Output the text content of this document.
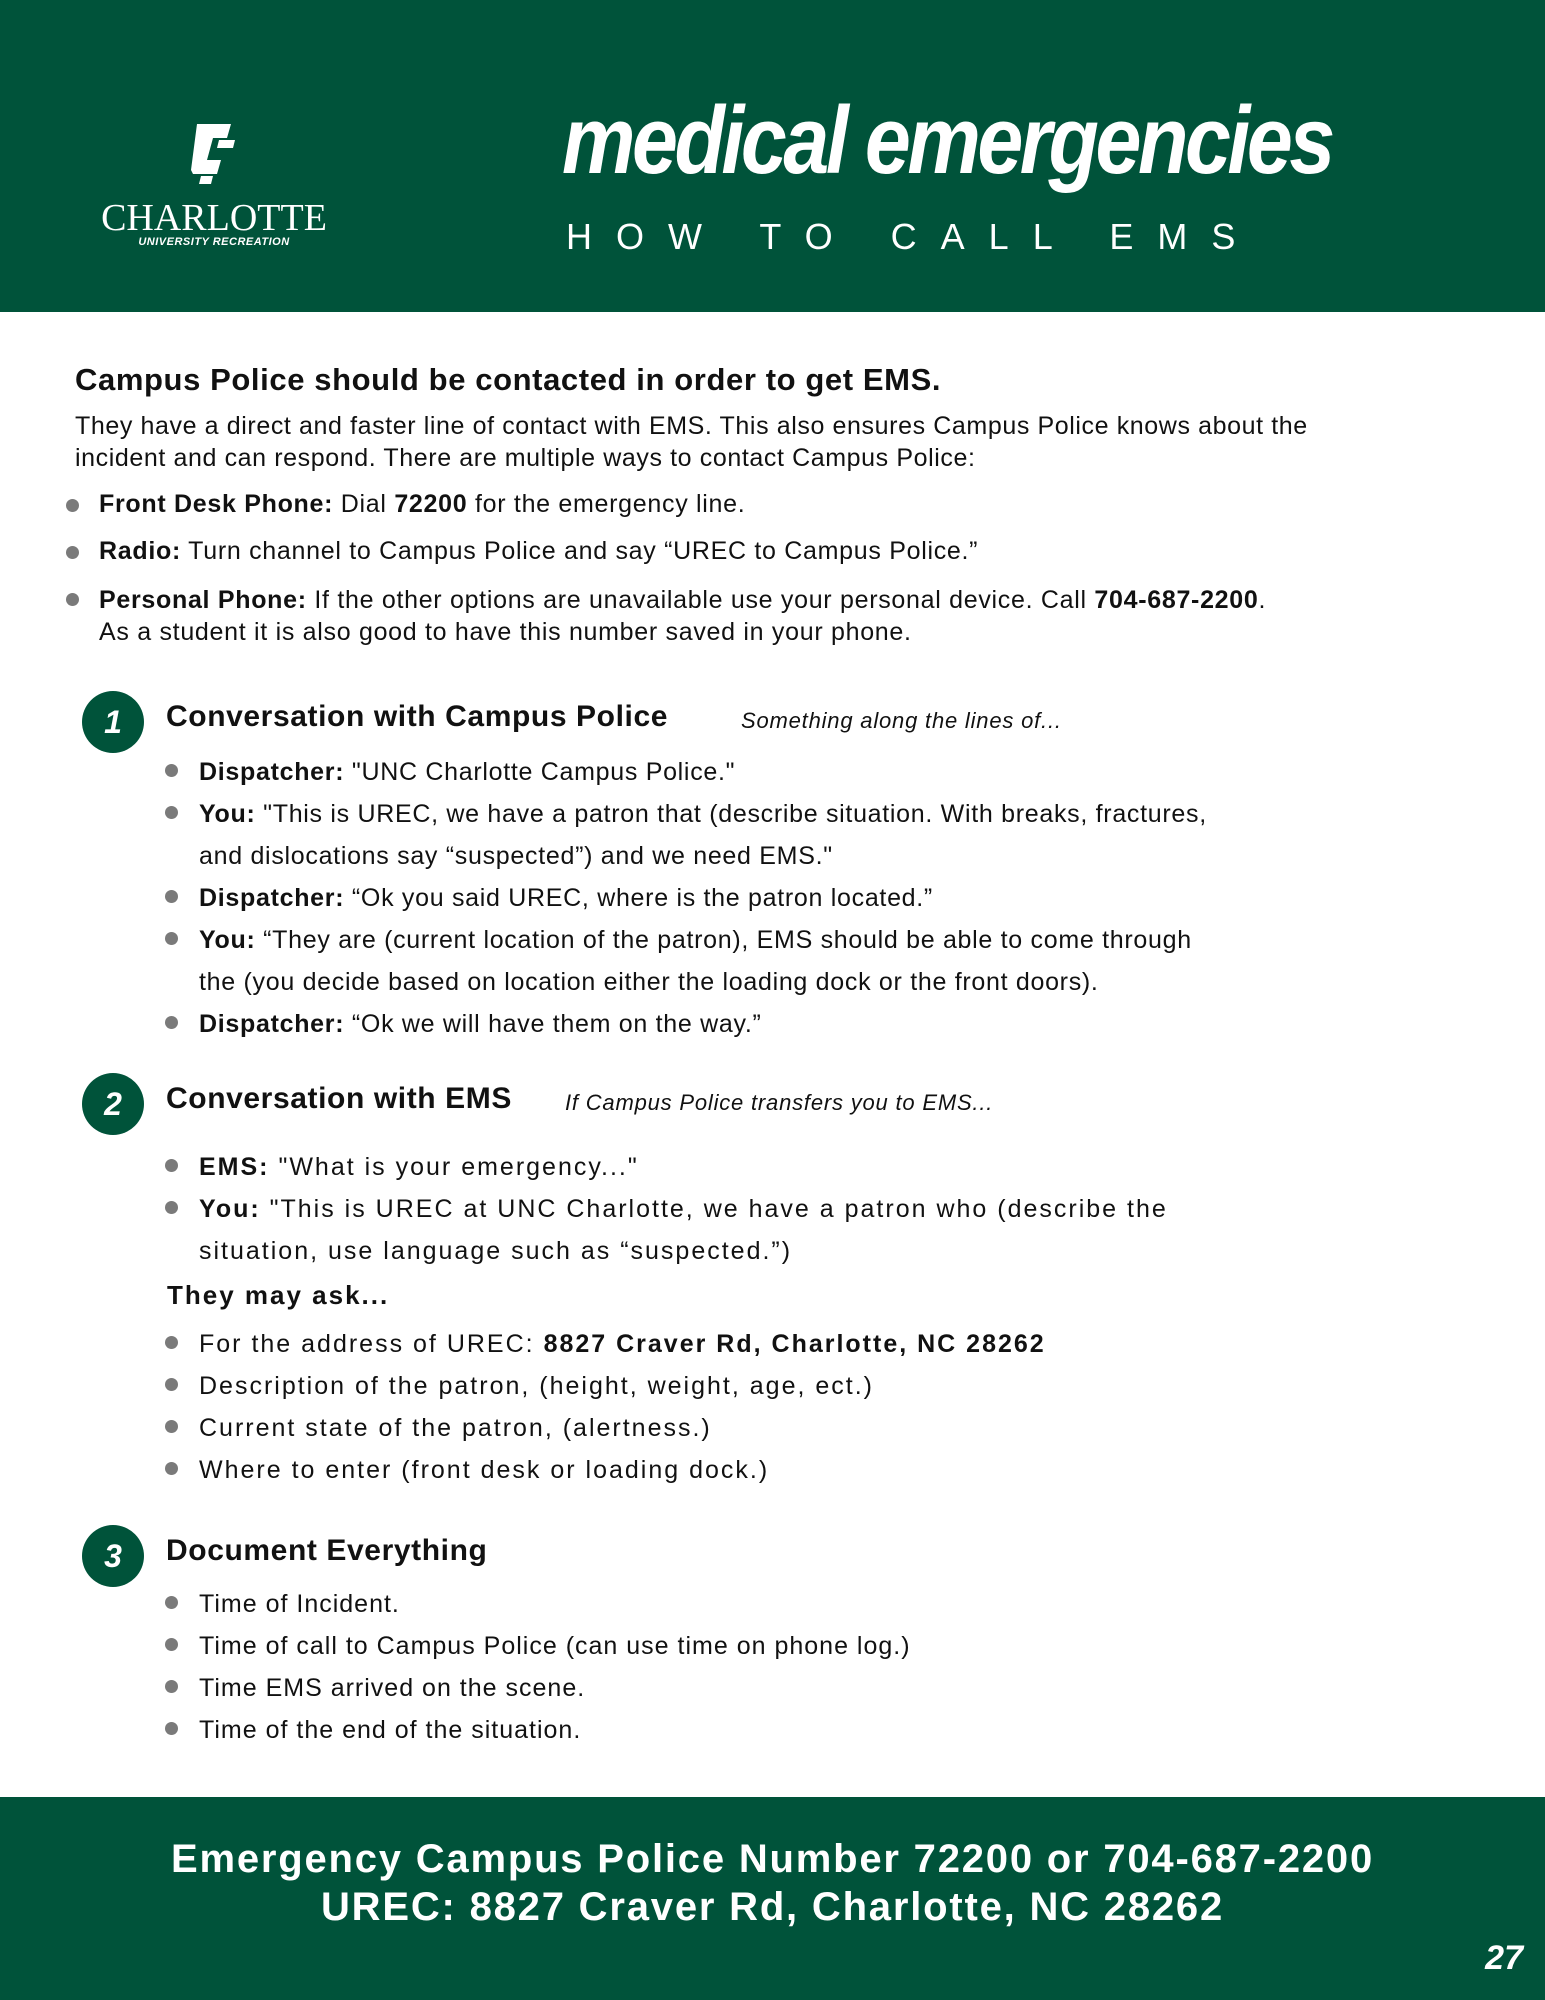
CHARLOTTE
UNIVERSITY RECREATION
medical emergencies
HOW TO CALL EMS
Campus Police should be contacted in order to get EMS.
They have a direct and faster line of contact with EMS. This also ensures Campus Police knows about the incident and can respond. There are multiple ways to contact Campus Police:
Front Desk Phone: Dial 72200 for the emergency line.
Radio: Turn channel to Campus Police and say “UREC to Campus Police.”
Personal Phone: If the other options are unavailable use your personal device. Call 704-687-2200.
As a student it is also good to have this number saved in your phone.
1	Conversation with Campus Police	Something along the lines of...
Dispatcher: "UNC Charlotte Campus Police."
You: "This is UREC, we have a patron that (describe situation. With breaks, fractures,
and dislocations say “suspected”) and we need EMS."
Dispatcher: “Ok you said UREC, where is the patron located.”
You: “They are (current location of the patron), EMS should be able to come through
the (you decide based on location either the loading dock or the front doors).
Dispatcher: “Ok we will have them on the way.”
2	Conversation with EMS If Campus Police transfers you to EMS...
EMS: "What is your emergency..."
You: "This is UREC at UNC Charlotte, we have a patron who (describe the
situation, use language such as “suspected.”)
They may ask...
For the address of UREC: 8827 Craver Rd, Charlotte, NC 28262
Description of the patron, (height, weight, age, ect.)
Current state of the patron, (alertness.)
Where to enter (front desk or loading dock.)
3	Document Everything
Time of Incident.
Time of call to Campus Police (can use time on phone log.)
Time EMS arrived on the scene.
Time of the end of the situation.
Emergency Campus Police Number 72200 or 704-687-2200
UREC: 8827 Craver Rd, Charlotte, NC 28262
27
